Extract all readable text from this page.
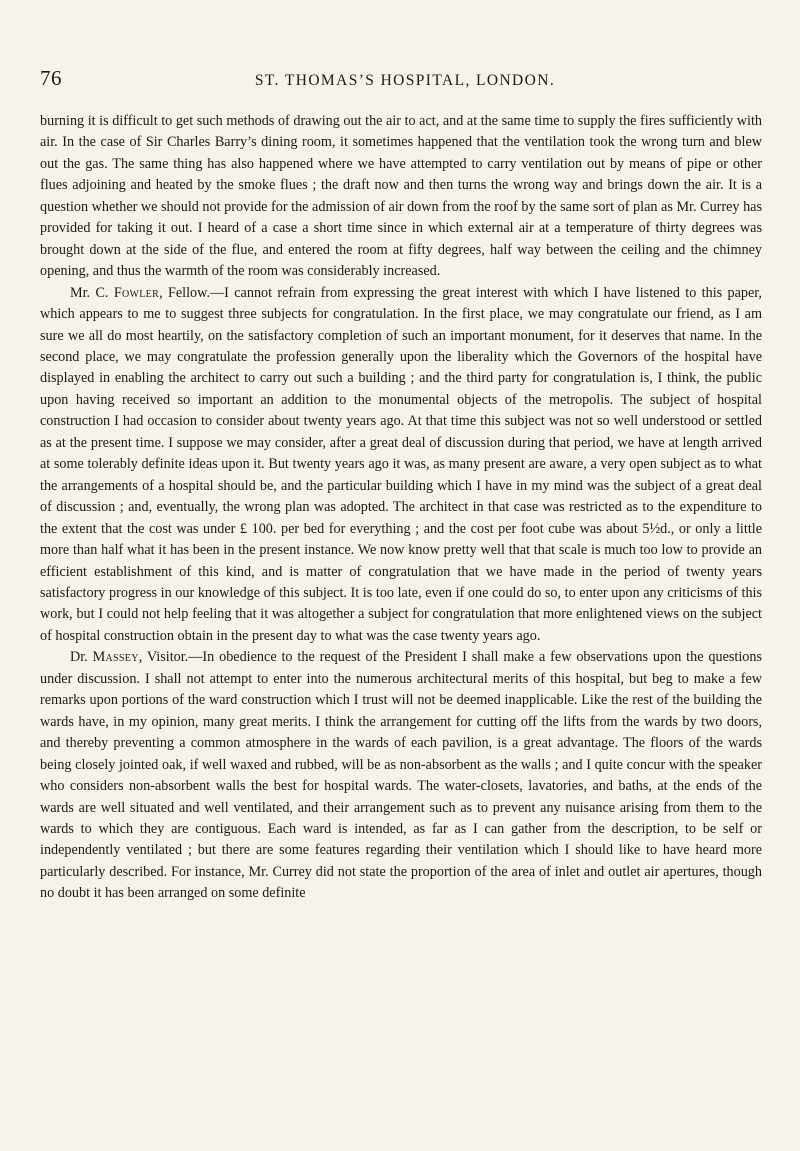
76	ST. THOMAS’S HOSPITAL, LONDON.

burning it is difficult to get such methods of drawing out the air to act, and at the same time to supply the fires sufficiently with air. In the case of Sir Charles Barry’s dining room, it sometimes happened that the ventilation took the wrong turn and blew out the gas. The same thing has also happened where we have attempted to carry ventilation out by means of pipe or other flues adjoining and heated by the smoke flues ; the draft now and then turns the wrong way and brings down the air. It is a question whether we should not provide for the admission of air down from the roof by the same sort of plan as Mr. Currey has provided for taking it out. I heard of a case a short time since in which external air at a temperature of thirty degrees was brought down at the side of the flue, and entered the room at fifty degrees, half way between the ceiling and the chimney opening, and thus the warmth of the room was considerably increased.

Mr. C. Fowler, Fellow.—I cannot refrain from expressing the great interest with which I have listened to this paper, which appears to me to suggest three subjects for congratulation. In the first place, we may congratulate our friend, as I am sure we all do most heartily, on the satisfactory completion of such an important monument, for it deserves that name. In the second place, we may congratulate the profession generally upon the liberality which the Governors of the hospital have displayed in enabling the architect to carry out such a building ; and the third party for congratulation is, I think, the public upon having received so important an addition to the monumental objects of the metropolis. The subject of hospital construction I had occasion to consider about twenty years ago. At that time this subject was not so well understood or settled as at the present time. I suppose we may consider, after a great deal of discussion during that period, we have at length arrived at some tolerably definite ideas upon it. But twenty years ago it was, as many present are aware, a very open subject as to what the arrangements of a hospital should be, and the particular building which I have in my mind was the subject of a great deal of discussion ; and, eventually, the wrong plan was adopted. The architect in that case was restricted as to the expenditure to the extent that the cost was under £ 100. per bed for everything ; and the cost per foot cube was about 5½d., or only a little more than half what it has been in the present instance. We now know pretty well that that scale is much too low to provide an efficient establishment of this kind, and is matter of congratulation that we have made in the period of twenty years satisfactory progress in our knowledge of this subject. It is too late, even if one could do so, to enter upon any criticisms of this work, but I could not help feeling that it was altogether a subject for congratulation that more enlightened views on the subject of hospital construction obtain in the present day to what was the case twenty years ago.

Dr. Massey, Visitor.—In obedience to the request of the President I shall make a few observations upon the questions under discussion. I shall not attempt to enter into the numerous architectural merits of this hospital, but beg to make a few remarks upon portions of the ward construction which I trust will not be deemed inapplicable. Like the rest of the building the wards have, in my opinion, many great merits. I think the arrangement for cutting off the lifts from the wards by two doors, and thereby preventing a common atmosphere in the wards of each pavilion, is a great advantage. The floors of the wards being closely jointed oak, if well waxed and rubbed, will be as non-absorbent as the walls ; and I quite concur with the speaker who considers non-absorbent walls the best for hospital wards. The water-closets, lavatories, and baths, at the ends of the wards are well situated and well ventilated, and their arrangement such as to prevent any nuisance arising from them to the wards to which they are contiguous. Each ward is intended, as far as I can gather from the description, to be self or independently ventilated ; but there are some features regarding their ventilation which I should like to have heard more particularly described. For instance, Mr. Currey did not state the proportion of the area of inlet and outlet air apertures, though no doubt it has been arranged on some definite
